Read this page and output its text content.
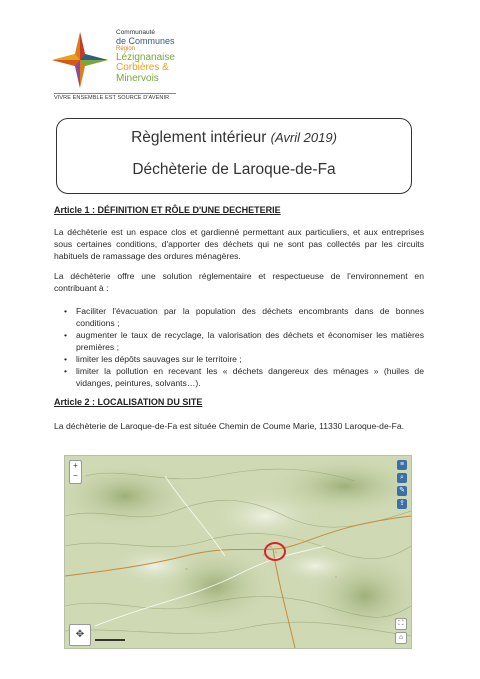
Communauté
de Communes
Région
Lézignanaise
Corbières &
Minervois
VIVRE ENSEMBLE EST SOURCE D'AVENIR
Règlement intérieur (Avril 2019)
Déchèterie de Laroque-de-Fa
Article 1 : DÉFINITION ET RÔLE D'UNE DECHETERIE
La déchèterie est un espace clos et gardienné permettant aux particuliers, et aux entreprises sous certaines conditions, d'apporter des déchets qui ne sont pas collectés par les circuits habituels de ramassage des ordures ménagères.
La déchèterie offre une solution réglementaire et respectueuse de l'environnement en contribuant à :
• Faciliter l'évacuation par la population des déchets encombrants dans de bonnes conditions ;
• augmenter le taux de recyclage, la valorisation des déchets et économiser les matières premières ;
• limiter les dépôts sauvages sur le territoire ;
• limiter la pollution en recevant les « déchets dangereux des ménages » (huiles de vidanges, peintures, solvants…).
Article 2 : LOCALISATION DU SITE
La déchèterie de Laroque-de-Fa est située Chemin de Coume Marie, 11330 Laroque-de-Fa.
+
−
≡
⌕
✎
⇪
⛶
⌂
✥
